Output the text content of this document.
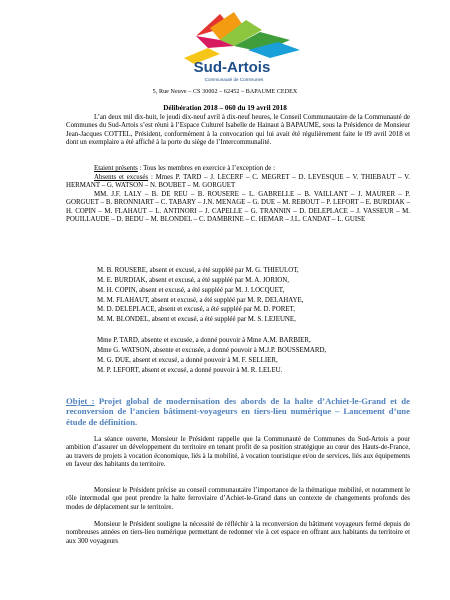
Sud-Artois
Communauté de Communes
5, Rue Neuve – CS 30002 – 62452 – BAPAUME CEDEX
Délibération 2018 – 060 du 19 avril 2018

L’an deux mil dix-huit, le jeudi dix-neuf avril à dix-neuf heures, le Conseil Communautaire de la Communauté de Communes du Sud-Artois s’est réuni à l’Espace Culturel Isabelle de Hainaut à BAPAUME, sous la Présidence de Monsieur Jean-Jacques COTTEL, Président, conformément à la convocation qui lui avait été régulièrement faite le 09 avril 2018 et dont un exemplaire a été affiché à la porte du siège de l’Intercommunalité.

Etaient présents : Tous les membres en exercice à l’exception de :

Absents et excusés : Mmes P. TARD – J. LECERF – C. MEGRET – D. LEVESQUE – V. THIEBAUT – V. HERMANT – G. WATSON – N. BOUBET – M. GORGUET

MM. J.F. LALY – B. DE REU – B. ROUSERE – L. GABRELLE – B. VAILLANT – J. MAURER – P. GORGUET – B. BRONNIART – C. TABARY – J.N. MENAGE – G. DUE – M. REBOUT – P. LEFORT – E. BURDIAK – H. COPIN – M. FLAHAUT – L. ANTINORI – J. CAPELLE – G. TRANNIN – D. DELEPLACE – J. VASSEUR – M. POUILLAUDE – D. BEDU – M. BLONDEL – C. DAMBRINE – C. HEMAR – J.L. CANDAT – L. GUISE

M. B. ROUSERE, absent et excusé, a été suppléé par M. G. THIEULOT,
M. E. BURDIAK, absent et excusé, a été suppléé par M. A. JORION,
M. H. COPIN, absent et excusé, a été suppléé par M. J. LOCQUET,
M. M. FLAHAUT, absent et excusé, a été suppléé par M. R. DELAHAYE,
M. D. DELEPLACE, absent et excusé, a été suppléé par M. D. PORET,
M. M. BLONDEL, absent et excusé, a été suppléé par M. S. LEJEUNE,
Mme P. TARD, absente et excusée, a donné pouvoir à Mme A.M. BARBIER,
Mme G. WATSON, absente et excusée, a donné pouvoir à M.J.P. BOUSSEMARD,
M. G. DUE, absent et excusé, a donné pouvoir à M. F. SELLIER,
M. P. LEFORT, absent et excusé, a donné pouvoir à M. R. LELEU.

Objet : Projet global de modernisation des abords de la halte d’Achiet-le-Grand et de reconversion de l’ancien bâtiment-voyageurs en tiers-lieu numérique – Lancement d’une étude de définition.

La séance ouverte, Monsieur le Président rappelle que la Communauté de Communes du Sud-Artois a pour ambition d’assurer un développement du territoire en tenant profit de sa position stratégique au cœur des Hauts-de-France, au travers de projets à vocation économique, liés à la mobilité, à vocation touristique et/ou de services, liés aux équipements en faveur des habitants du territoire.

Monsieur le Président précise au conseil communautaire l’importance de la thématique mobilité, et notamment le rôle intermodal que peut prendre la halte ferroviaire d’Achiet-le-Grand dans un contexte de changements profonds des modes de déplacement sur le territoire.

Monsieur le Président souligne la nécessité de réfléchir à la reconversion du bâtiment voyageurs fermé depuis de nombreuses années en tiers-lieu numérique permettant de redonner vie à cet espace en offrant aux habitants du territoire et aux 300 voyageurs
